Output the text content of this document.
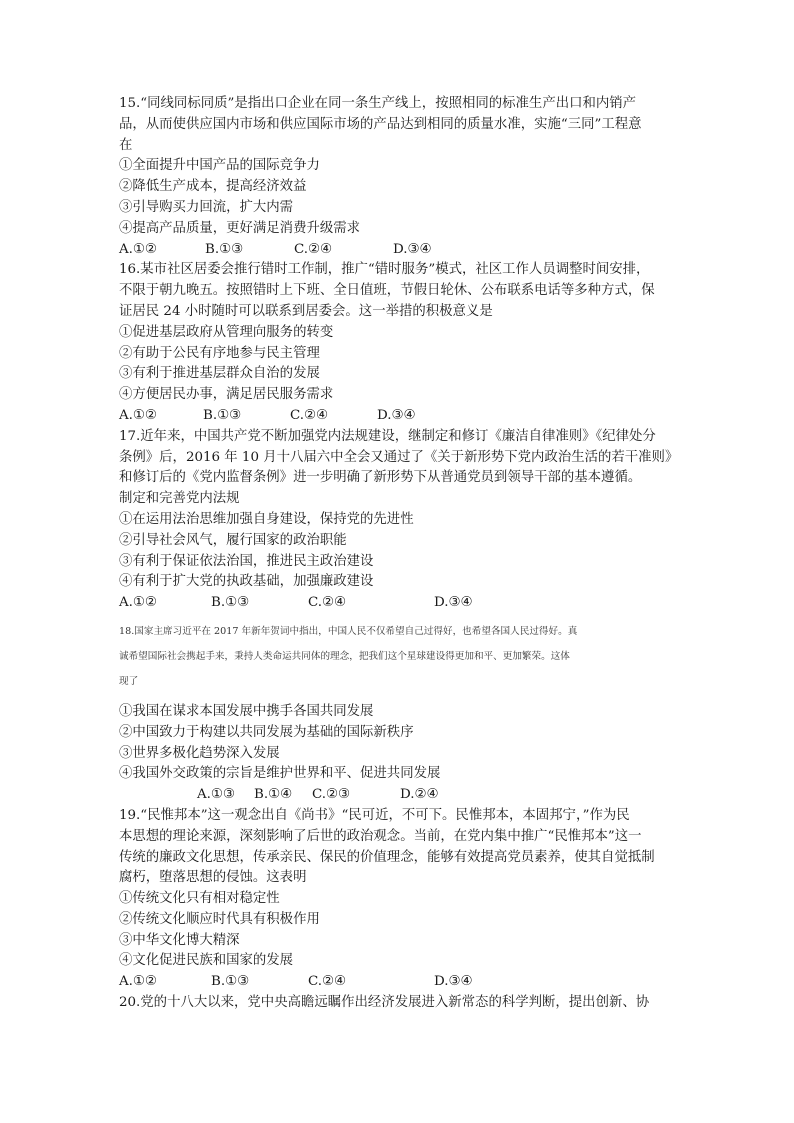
15.“同线同标同质”是指出口企业在同一条生产线上，按照相同的标准生产出口和内销产
品，从而使供应国内市场和供应国际市场的产品达到相同的质量水准，实施“三同”工程意
在
①全面提升中国产品的国际竞争力
②降低生产成本，提高经济效益
③引导购买力回流，扩大内需
④提高产品质量，更好满足消费升级需求
A.①②	B.①③	C.②④	D.③④
16.某市社区居委会推行错时工作制，推广“错时服务”模式，社区工作人员调整时间安排，
不限于朝九晚五。按照错时上下班、全日值班，节假日轮休、公布联系电话等多种方式，保
证居民 24 小时随时可以联系到居委会。这一举措的积极意义是
①促进基层政府从管理向服务的转变
②有助于公民有序地参与民主管理
③有利于推进基层群众自治的发展
④方便居民办事，满足居民服务需求
A.①②	B.①③	C.②④	D.③④
17.近年来，中国共产党不断加强党内法规建设，继制定和修订《廉洁自律准则》《纪律处分
条例》后，2016 年 10 月十八届六中全会又通过了《关于新形势下党内政治生活的若干准则》
和修订后的《党内监督条例》进一步明确了新形势下从普通党员到领导干部的基本遵循。
制定和完善党内法规
①在运用法治思维加强自身建设，保持党的先进性
②引导社会风气，履行国家的政治职能
③有利于保证依法治国，推进民主政治建设
④有利于扩大党的执政基础，加强廉政建设
A.①②	B.①③	C.②④	D.③④
18.国家主席习近平在 2017 年新年贺词中指出，中国人民不仅希望自己过得好，也希望各国人民过得好。真
诚希望国际社会携起手来，秉持人类命运共同体的理念，把我们这个星球建设得更加和平、更加繁荣。这体
现了
①我国在谋求本国发展中携手各国共同发展
②中国致力于构建以共同发展为基础的国际新秩序
③世界多极化趋势深入发展
④我国外交政策的宗旨是维护世界和平、促进共同发展
A.①③ B.①④ C.②③	D.②④
19.“民惟邦本”这一观念出自《尚书》“民可近，不可下。民惟邦本，本固邦宁，”作为民
本思想的理论来源，深刻影响了后世的政治观念。当前，在党内集中推广“民惟邦本”这一
传统的廉政文化思想，传承亲民、保民的价值理念，能够有效提高党员素养，使其自觉抵制
腐朽，堕落思想的侵蚀。这表明
①传统文化只有相对稳定性
②传统文化顺应时代具有积极作用
③中华文化博大精深
④文化促进民族和国家的发展
A.①②	B.①③	C.②④	D.③④
20.党的十八大以来，党中央高瞻远瞩作出经济发展进入新常态的科学判断，提出创新、协
